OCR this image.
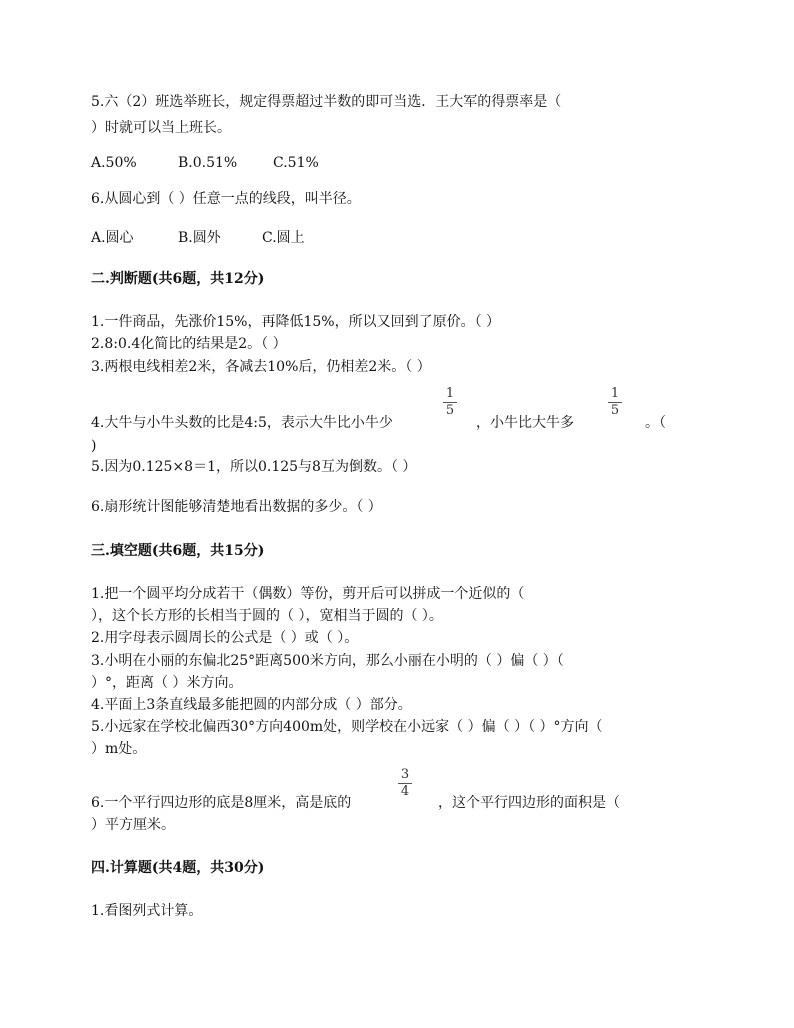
5.六（2）班选举班长，规定得票超过半数的即可当选．王大军的得票率是（
）时就可以当上班长。
A.50%	B.0.51%	C.51%
6.从圆心到（ ）任意一点的线段，叫半径。
A.圆心	B.圆外	C.圆上
二.判断题(共6题，共12分)
1.一件商品，先涨价15%，再降低15%，所以又回到了原价。（ ）
2.8:0.4化简比的结果是2。（ ）
3.两根电线相差2米，各减去10%后，仍相差2米。（ ）
4.大牛与小牛头数的比是4:5，表示大牛比小牛少
1
5
，小牛比大牛多
1
5
。（
)
5.因为0.125×8＝1，所以0.125与8互为倒数。（ ）
6.扇形统计图能够清楚地看出数据的多少。（ ）
三.填空题(共6题，共15分)
1.把一个圆平均分成若干（偶数）等份，剪开后可以拼成一个近似的（
），这个长方形的长相当于圆的（ ），宽相当于圆的（ ）。
2.用字母表示圆周长的公式是（ ）或（ ）。
3.小明在小丽的东偏北25°距离500米方向，那么小丽在小明的（ ）偏（ ）（
）°，距离（ ）米方向。
4.平面上3条直线最多能把圆的内部分成（ ）部分。
5.小远家在学校北偏西30°方向400m处，则学校在小远家（ ）偏（ ）（ ）°方向（
）m处。
6.一个平行四边形的底是8厘米，高是底的
3
4
，这个平行四边形的面积是（
）平方厘米。
四.计算题(共4题，共30分)
1.看图列式计算。
